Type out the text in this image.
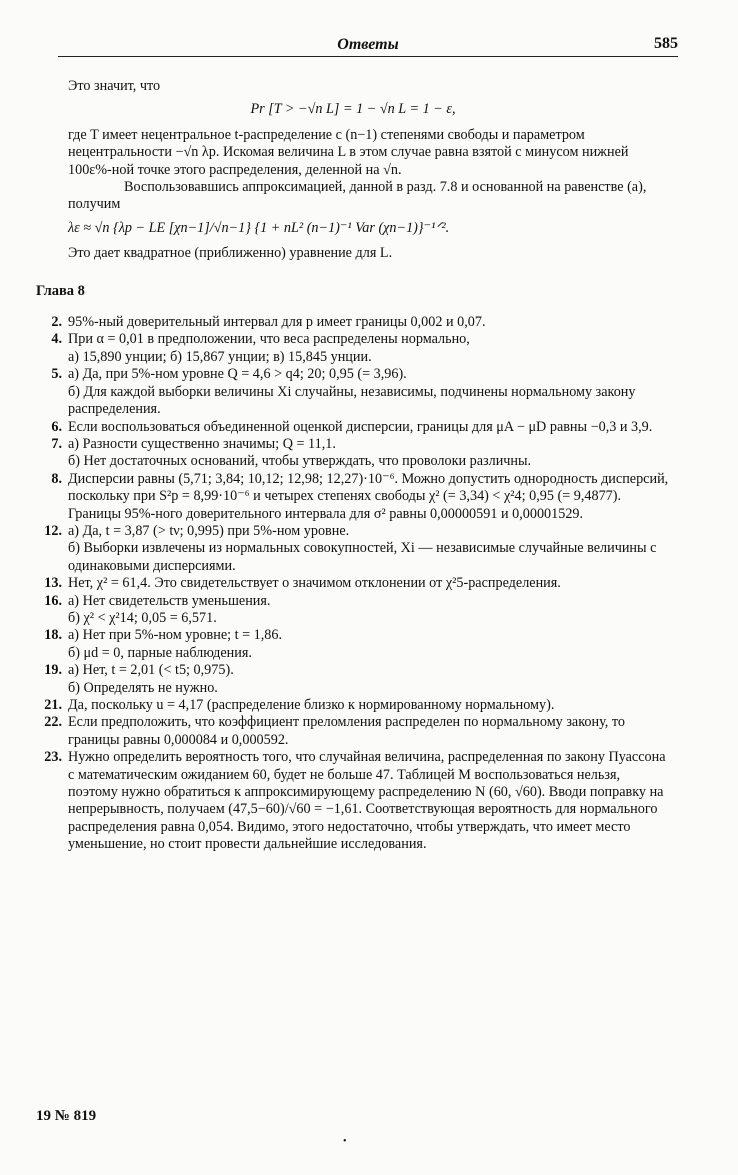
Ответы	585

Это значит, что

Pr [T > −√n L] = 1 − √n L = 1 − ε,

где T имеет нецентральное t-распределение с (n−1) степенями свободы и параметром нецентральности −√n λp. Искомая величина L в этом случае равна взятой с минусом нижней 100ε%-ной точке этого распределения, деленной на √n.

Воспользовавшись аппроксимацией, данной в разд. 7.8 и основанной на равенстве (а), получим

λε ≈ √n {λp − LE [χn−1]/√n−1} {1 + nL² (n−1)⁻¹ Var (χn−1)}⁻¹ᐟ².

Это дает квадратное (приближенно) уравнение для L.

Глава 8

2. 95%-ный доверительный интервал для p имеет границы 0,002 и 0,07.

4. При α = 0,01 в предположении, что веса распределены нормально,

а) 15,890 унции; б) 15,867 унции; в) 15,845 унции.

5. а) Да, при 5%-ном уровне Q = 4,6 > q4; 20; 0,95 (= 3,96).

б) Для каждой выборки величины Xi случайны, независимы, подчинены нормальному закону распределения.

6. Если воспользоваться объединенной оценкой дисперсии, границы для μA − μD равны −0,3 и 3,9.

7. а) Разности существенно значимы; Q = 11,1.

б) Нет достаточных оснований, чтобы утверждать, что проволоки различны.

8. Дисперсии равны (5,71; 3,84; 10,12; 12,98; 12,27)·10⁻⁶. Можно допустить однородность дисперсий, поскольку при S²p = 8,99·10⁻⁶ и четырех степенях свободы χ² (= 3,34) < χ²4; 0,95 (= 9,4877).

Границы 95%-ного доверительного интервала для σ² равны 0,00000591 и 0,00001529.

12. а) Да, t = 3,87 (> tν; 0,995) при 5%-ном уровне.

б) Выборки извлечены из нормальных совокупностей, Xi — независимые случайные величины с одинаковыми дисперсиями.

13. Нет, χ² = 61,4. Это свидетельствует о значимом отклонении от χ²5-распределения.

16. а) Нет свидетельств уменьшения.

б) χ² < χ²14; 0,05 = 6,571.

18. а) Нет при 5%-ном уровне; t = 1,86.

б) μd = 0, парные наблюдения.

19. а) Нет, t = 2,01 (< t5; 0,975).

б) Определять не нужно.

21. Да, поскольку u = 4,17 (распределение близко к нормированному нормальному).

22. Если предположить, что коэффициент преломления распределен по нормальному закону, то границы равны 0,000084 и 0,000592.

23. Нужно определить вероятность того, что случайная величина, распределенная по закону Пуассона с математическим ожиданием 60, будет не больше 47. Таблицей M воспользоваться нельзя, поэтому нужно обратиться к аппроксимирующему распределению N (60, √60). Вводи поправку на непрерывность, получаем (47,5−60)/√60 = −1,61. Соответствующая вероятность для нормального распределения равна 0,054. Видимо, этого недостаточно, чтобы утверждать, что имеет место уменьшение, но стоит провести дальнейшие исследования.

19 № 819
•
